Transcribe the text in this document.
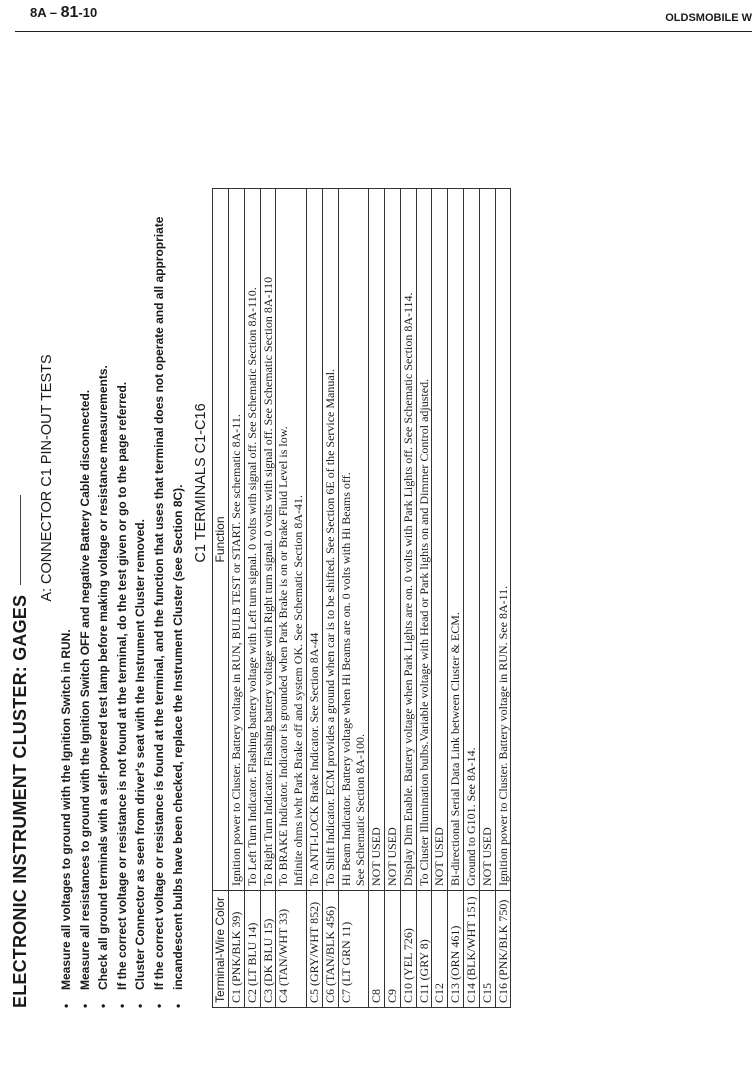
8A – 81-10	OLDSMOBILE W
ELECTRONIC INSTRUMENT CLUSTER: GAGES
A: CONNECTOR C1 PIN-OUT TESTS
• Measure all voltages to ground with the Ignition Switch in RUN. • Measure all resistances to ground with the Ignition Switch OFF and negative Battery Cable disconnected. • Check all ground terminals with a self-powered test lamp before making voltage or resistance measurements. • If the correct voltage or resistance is not found at the terminal, do the test given or go to the page referred. • Cluster Connector as seen from driver's seat with the Instrument Cluster removed. • If the correct voltage or resistance is found at the terminal, and the function that uses that terminal does not operate and all appropriate • incandescent bulbs have been checked, replace the Instrument Cluster (see Section 8C).
C1 TERMINALS C1-C16
Terminal-Wire Color	Function
C1 (PNK/BLK 39)	Ignition power to Cluster. Battery voltage in RUN, BULB TEST or START. See schematic 8A-11.

C2 (LT BLU 14)	To Left Turn Indicator. Flashing battery voltage with Left turn signal. 0 volts with signal off. See Schematic Section 8A-110.

C3 (DK BLU 15)	To Right Turn Indicator. Flashing battery voltage with Right turn signal. 0 volts with signal off. See Schematic Section 8A-110

C4 (TAN/WHT 33)	To BRAKE Indicator. Indicator is grounded when Park Brake is on or Brake Fluid Level is low. Infinite ohms iwht Park Brake off and system OK. See Schematic Section 8A-41.

C5 (GRY/WHT 852)	To ANTI-LOCK Brake Indicator. See Section 8A-44

C6 (TAN/BLK 456)	To Shift Indicator. ECM provides a ground when car is to be shifted. See Section 6E of the Service Manual.

C7 (LT GRN 11)	Hi Beam Indicator. Battery voltage when Hi Beams are on. 0 volts with Hi Beams off. See Schematic Section 8A-100.

C8	NOT USED

C9	NOT USED

C10 (YEL 726)	Display Dim Enable. Battery voltage when Park Lights are on. 0 volts with Park Lights off. See Schematic Section 8A-114.

C11 (GRY 8)	To Cluster Illumination bulbs.Variable voltage with Head or Park lights on and Dimmer Control adjusted.

C12	NOT USED

C13 (ORN 461)	Bi-directional Serial Data Link between Cluster & ECM.

C14 (BLK/WHT 151)	Ground to G101. See 8A-14.

C15	NOT USED

C16 (PNK/BLK 750)	Ignition power to Cluster. Battery voltage in RUN. See 8A-11.
